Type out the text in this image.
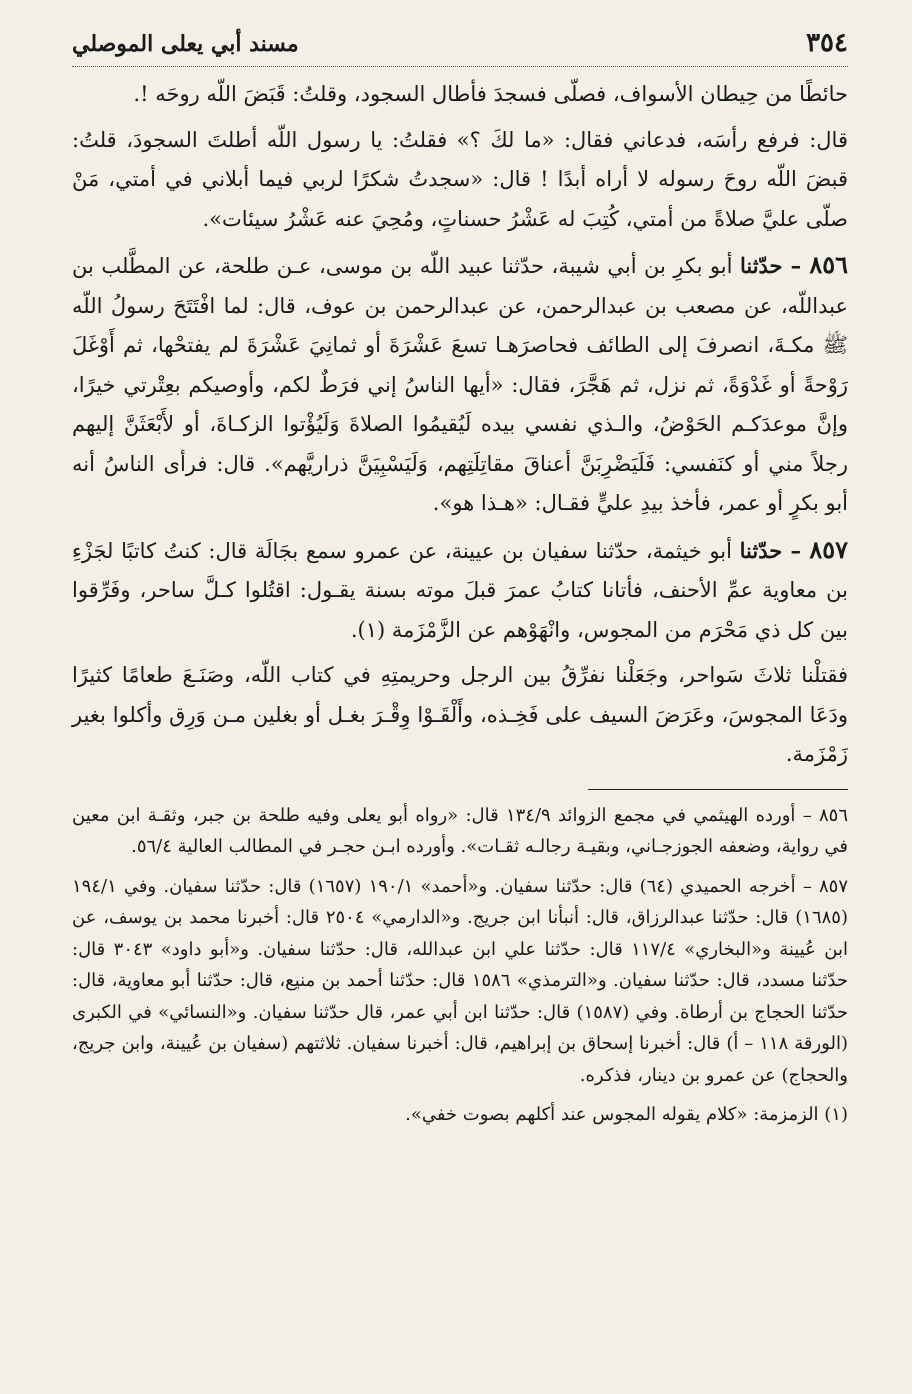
٣٥٤
مسند أبي يعلى الموصلي

حائطًا من حِيطان الأسواف، فصلّى فسجدَ فأطال السجود، وقلتُ: قَبَضَ اللّه روحَه !.

قال: فرفع رأسَه، فدعاني فقال: «ما لكَ ؟» فقلتُ: يا رسول اللّه أطلتَ السجودَ، قلتُ: قبضَ اللّه روحَ رسوله لا أراه أبدًا ! قال: «سجدتُ شكرًا لربي فيما أبلاني في أمتي، مَنْ صلّى عليَّ صلاةً من أمتي، كُتِبَ له عَشْرُ حسناتٍ، ومُحِيَ عنه عَشْرُ سيئات».

٨٥٦ – حدّثنا أبو بكرِ بن أبي شيبة، حدّثنا عبيد اللّه بن موسى، عـن طلحة، عن المطَّلب بن عبداللّه، عن مصعب بن عبدالرحمن، عن عبدالرحمن بن عوف، قال: لما افْتَتَحَ رسولُ اللّه ﷺ مكـةَ، انصرفَ إلى الطائف فحاصرَهـا تسعَ عَشْرَةَ أو ثمانِيَ عَشْرَةَ لم يفتحْها، ثم أَوْغَلَ رَوْحةً أو غَدْوَةً، ثم نزل، ثم هَجَّرَ، فقال: «أيها الناسُ إني فرَطٌ لكم، وأوصيكم بعِتْرتي خيرًا، وإنَّ موعدَكـم الحَوْضُ، والـذي نفسي بيده لَيُقيمُوا الصلاةَ وَلَيُؤْتوا الزكـاةَ، أو لأَبْعَثَنَّ إليهم رجلاً مني أو كنَفسي: فَلَيَضْرِبَنَّ أعناقَ مقاتِلَتِهم، وَلَيَسْبِيَنَّ ذراريَّهم». قال: فرأى الناسُ أنه أبو بكرٍ أو عمر، فأخذ بيدِ عليٍّ فقـال: «هـذا هو».

٨٥٧ – حدّثنا أبو خيثمة، حدّثنا سفيان بن عيينة، عن عمرو سمع بجَالَة قال: كنتُ كاتبًا لجَزْءِ بن معاوية عمِّ الأحنف، فأتانا كتابُ عمرَ قبلَ موته بسنة يقـول: اقتُلوا كـلَّ ساحر، وفَرِّقوا بين كل ذي مَحْرَم من المجوس، وانْهَوْهم عن الزَّمْزَمة (١).

فقتلْنا ثلاثَ سَواحر، وجَعَلْنا نفرِّقُ بين الرجل وحريمتِهِ في كتاب اللّه، وصَنَـعَ طعامًا كثيرًا ودَعَا المجوسَ، وعَرَضَ السيف على فَخِـذه، وأَلْقَـوْا وِقْـرَ بغـل أو بغلين مـن وَرِق وأكلوا بغير زَمْزَمة.

٨٥٦ – أورده الهيثمي في مجمع الزوائد ١٣٤/٩ قال: «رواه أبو يعلى وفيه طلحة بن جبر، وثقـة ابن معين في رواية، وضعفه الجوزجـاني، وبقيـة رجالـه ثقـات». وأورده ابـن حجـر في المطالب العالية ٥٦/٤.

٨٥٧ – أخرجه الحميدي (٦٤) قال: حدّثنا سفيان. و«أحمد» ١٩٠/١ (١٦٥٧) قال: حدّثنا سفيان. وفي ١٩٤/١ (١٦٨٥) قال: حدّثنا عبدالرزاق، قال: أنبأنا ابن جريج. و«الدارمي» ٢٥٠٤ قال: أخبرنا محمد بن يوسف، عن ابن عُيينة و«البخاري» ١١٧/٤ قال: حدّثنا علي ابن عبدالله، قال: حدّثنا سفيان. و«أبو داود» ٣٠٤٣ قال: حدّثنا مسدد، قال: حدّثنا سفيان. و«الترمذي» ١٥٨٦ قال: حدّثنا أحمد بن منيع، قال: حدّثنا أبو معاوية، قال: حدّثنا الحجاج بن أرطاة. وفي (١٥٨٧) قال: حدّثنا ابن أبي عمر، قال حدّثنا سفيان. و«النسائي» في الكبرى (الورقة ١١٨ – أ) قال: أخبرنا إسحاق بن إبراهيم، قال: أخبرنا سفيان. ثلاثتهم (سفيان بن عُيينة، وابن جريج، والحجاج) عن عمرو بن دينار، فذكره.

(١) الزمزمة: «كلام يقوله المجوس عند أكلهم بصوت خفي».
